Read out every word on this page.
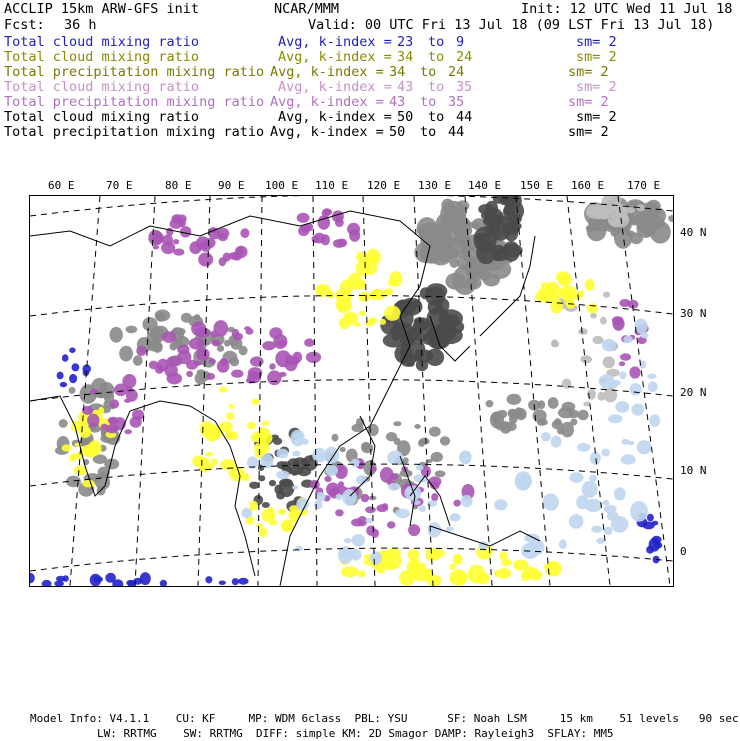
ACCLIP 15km ARW-GFS init	NCAR/MMM	Init: 12 UTC Wed 11 Jul 18
Fcst: 36 h	Valid: 00 UTC Fri 13 Jul 18 (09 LST Fri 13 Jul 18)
Total cloud mixing ratio	Avg, k-index = 23 to 9	sm= 2
Total cloud mixing ratio	Avg, k-index = 34 to 24	sm= 2
Total precipitation mixing ratio Avg, k-index = 34 to 24	sm= 2
Total cloud mixing ratio	Avg, k-index = 43 to 35	sm= 2
Total precipitation mixing ratio Avg, k-index = 43 to 35	sm= 2
Total cloud mixing ratio	Avg, k-index = 50 to 44	sm= 2
Total precipitation mixing ratio Avg, k-index = 50 to 44	sm= 2
60 E	70 E	80 E 90 E 100 E 110 E 120 E 130 E 140 E 150 E 160 E 170 E
40 N
30 N
20 N
10 N
0
Model Info: V4.1.1    CU: KF     MP: WDM 6class  PBL: YSU      SF: Noah LSM     15 km    51 levels   90 sec
LW: RRTMG    SW: RRTMG  DIFF: simple KM: 2D Smagor DAMP: Rayleigh3  SFLAY: MM5
